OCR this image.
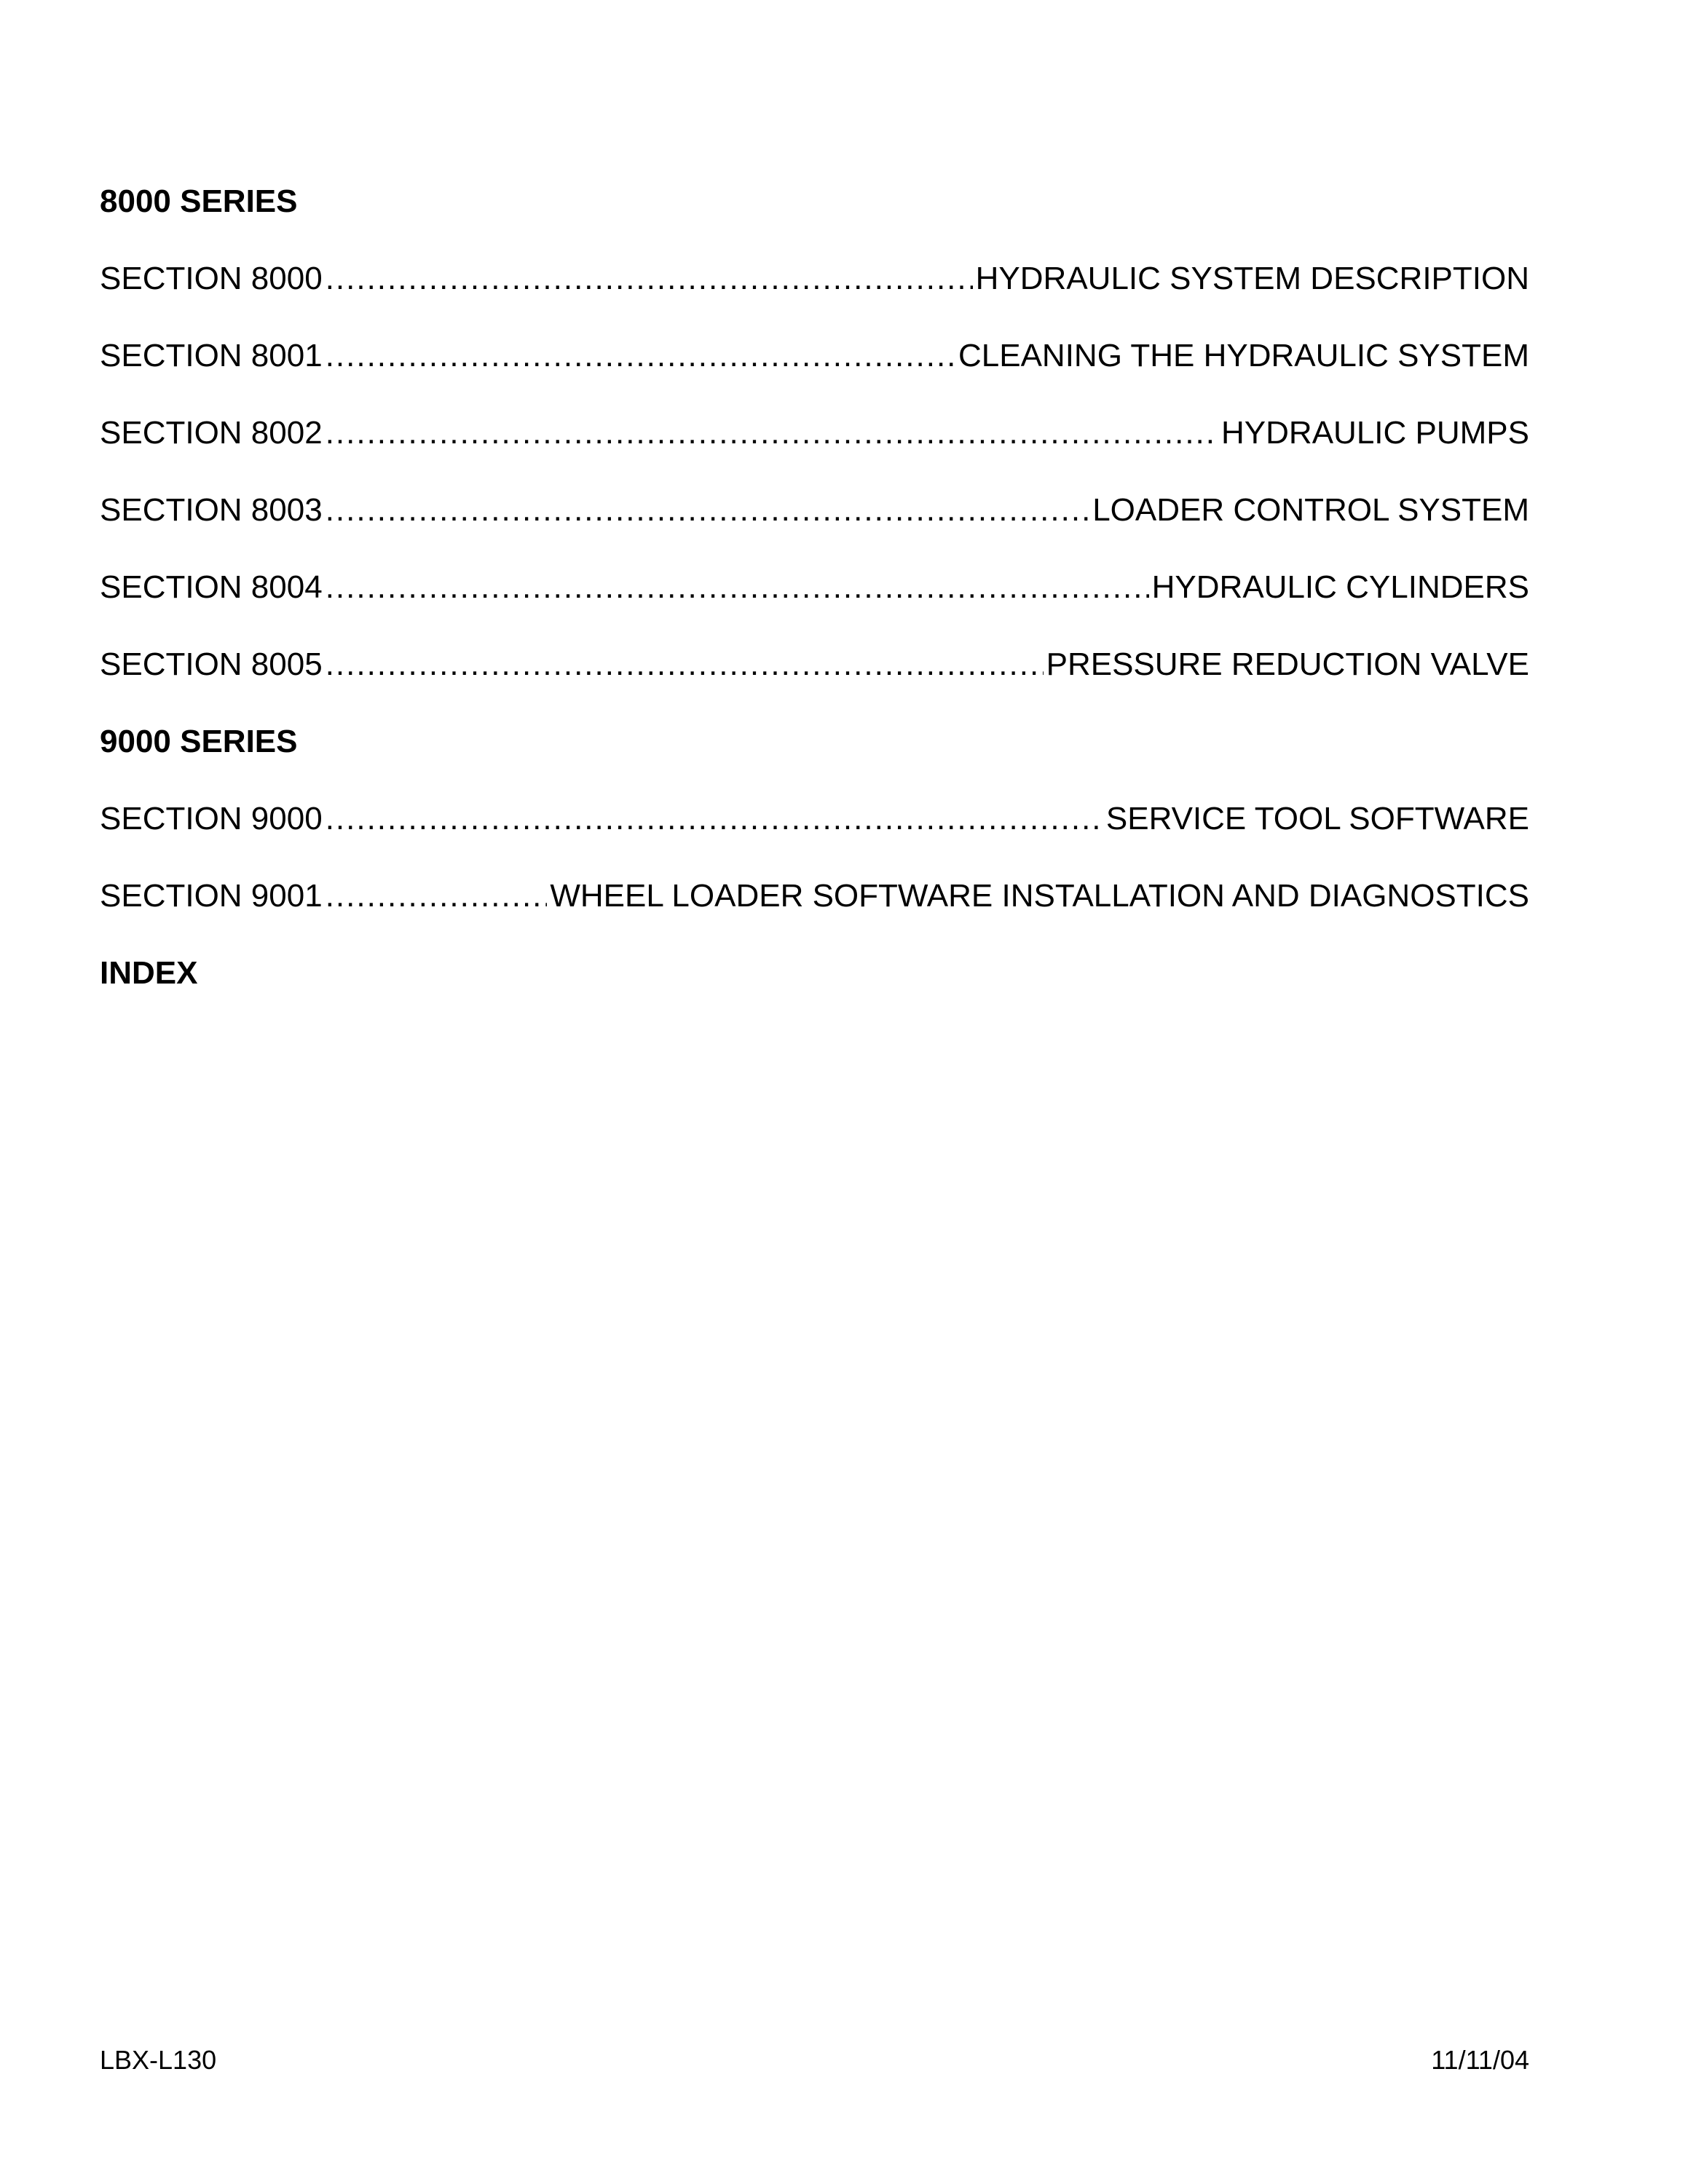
8000 SERIES
SECTION 8000 .....	HYDRAULIC SYSTEM DESCRIPTION
SECTION 8001 .....	CLEANING THE HYDRAULIC SYSTEM
SECTION 8002 .....	HYDRAULIC PUMPS
SECTION 8003 .....	LOADER CONTROL SYSTEM
SECTION 8004 .....	HYDRAULIC CYLINDERS
SECTION 8005 .....	PRESSURE REDUCTION VALVE
9000 SERIES
SECTION 9000 .....	SERVICE TOOL SOFTWARE
SECTION 9001 .....	WHEEL LOADER SOFTWARE INSTALLATION AND DIAGNOSTICS
INDEX
LBX-L130	11/11/04
